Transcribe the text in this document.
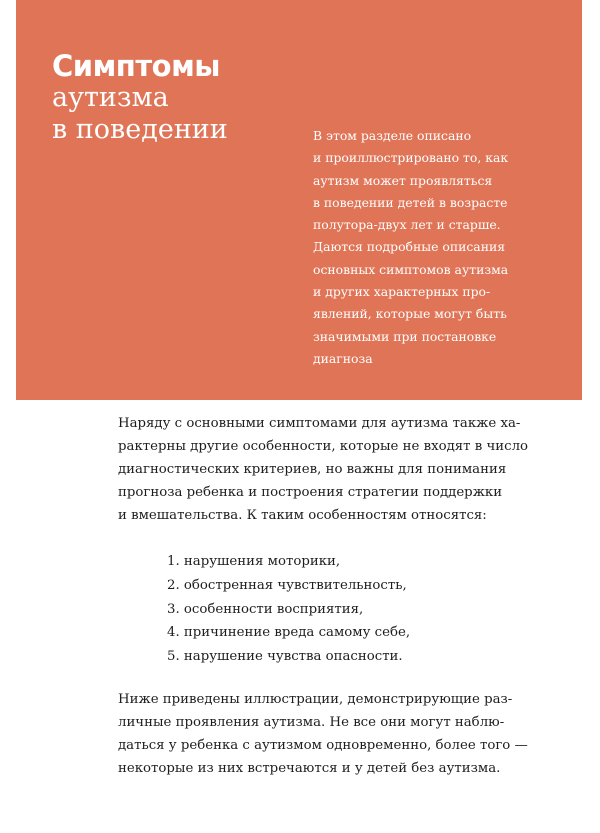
Симптомы
аутизма
в поведении	В этом разделе описано
и проиллюстрировано то, как
аутизм может проявляться
в поведении детей в возрасте
полутора-двух лет и старше.
Даются подробные описания
основных симптомов аутизма
и других характерных про-
явлений, которые могут быть
значимыми при постановке
диагноза

Наряду с основными симптомами для аутизма также ха-
рактерны другие особенности, которые не входят в число
диагностических критериев, но важны для понимания
прогноза ребенка и построения стратегии поддержки
и вмешательства. К таким особенностям относятся:

1. нарушения моторики,
2. обостренная чувствительность,
3. особенности восприятия,
4. причинение вреда самому себе,
5. нарушение чувства опасности.

Ниже приведены иллюстрации, демонстрирующие раз-
личные проявления аутизма. Не все они могут наблю-
даться у ребенка с аутизмом одновременно, более того —
некоторые из них встречаются и у детей без аутизма.
